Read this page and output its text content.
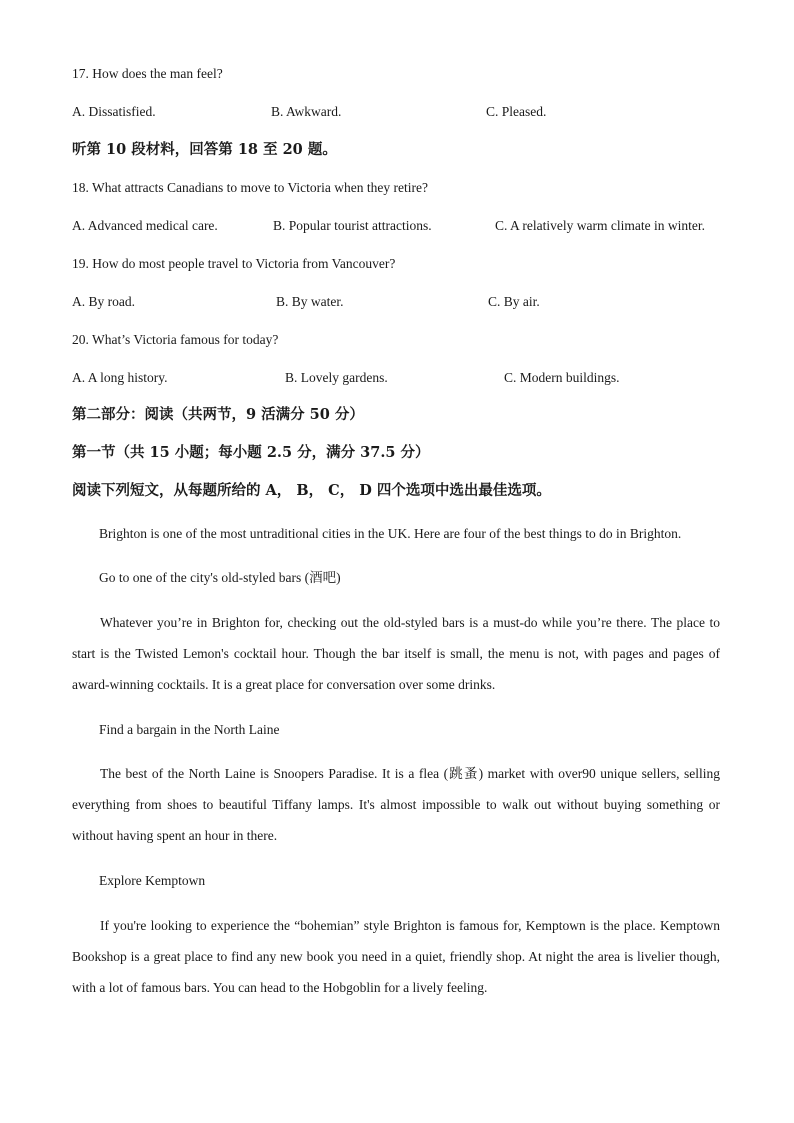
17. How does the man feel?
A. Dissatisfied.	B. Awkward.	C. Pleased.
听第 10 段材料，回答第 18 至 20 题。
18. What attracts Canadians to move to Victoria when they retire?
A. Advanced medical care.	B. Popular tourist attractions.	C. A relatively warm climate in winter.
19. How do most people travel to Victoria from Vancouver?
A. By road.	B. By water.	C. By air.
20. What’s Victoria famous for today?
A. A long history.	B. Lovely gardens.	C. Modern buildings.
第二部分：阅读（共两节，9 活满分 50 分）
第一节（共 15 小题；每小题 2.5 分，满分 37.5 分）
阅读下列短文，从每题所给的 A， B， C， D 四个选项中选出最佳选项。
Brighton is one of the most untraditional cities in the UK. Here are four of the best things to do in Brighton.
Go to one of the city's old-styled bars (酒吧)
Whatever you’re in Brighton for, checking out the old-styled bars is a must-do while you’re there. The place to start is the Twisted Lemon's cocktail hour. Though the bar itself is small, the menu is not, with pages and pages of award-winning cocktails. It is a great place for conversation over some drinks.
Find a bargain in the North Laine
The best of the North Laine is Snoopers Paradise. It is a flea (跳蚤) market with over90 unique sellers, selling everything from shoes to beautiful Tiffany lamps. It's almost impossible to walk out without buying something or without having spent an hour in there.
Explore Kemptown
If you're looking to experience the “bohemian” style Brighton is famous for, Kemptown is the place. Kemptown Bookshop is a great place to find any new book you need in a quiet, friendly shop. At night the area is livelier though, with a lot of famous bars. You can head to the Hobgoblin for a lively feeling.
